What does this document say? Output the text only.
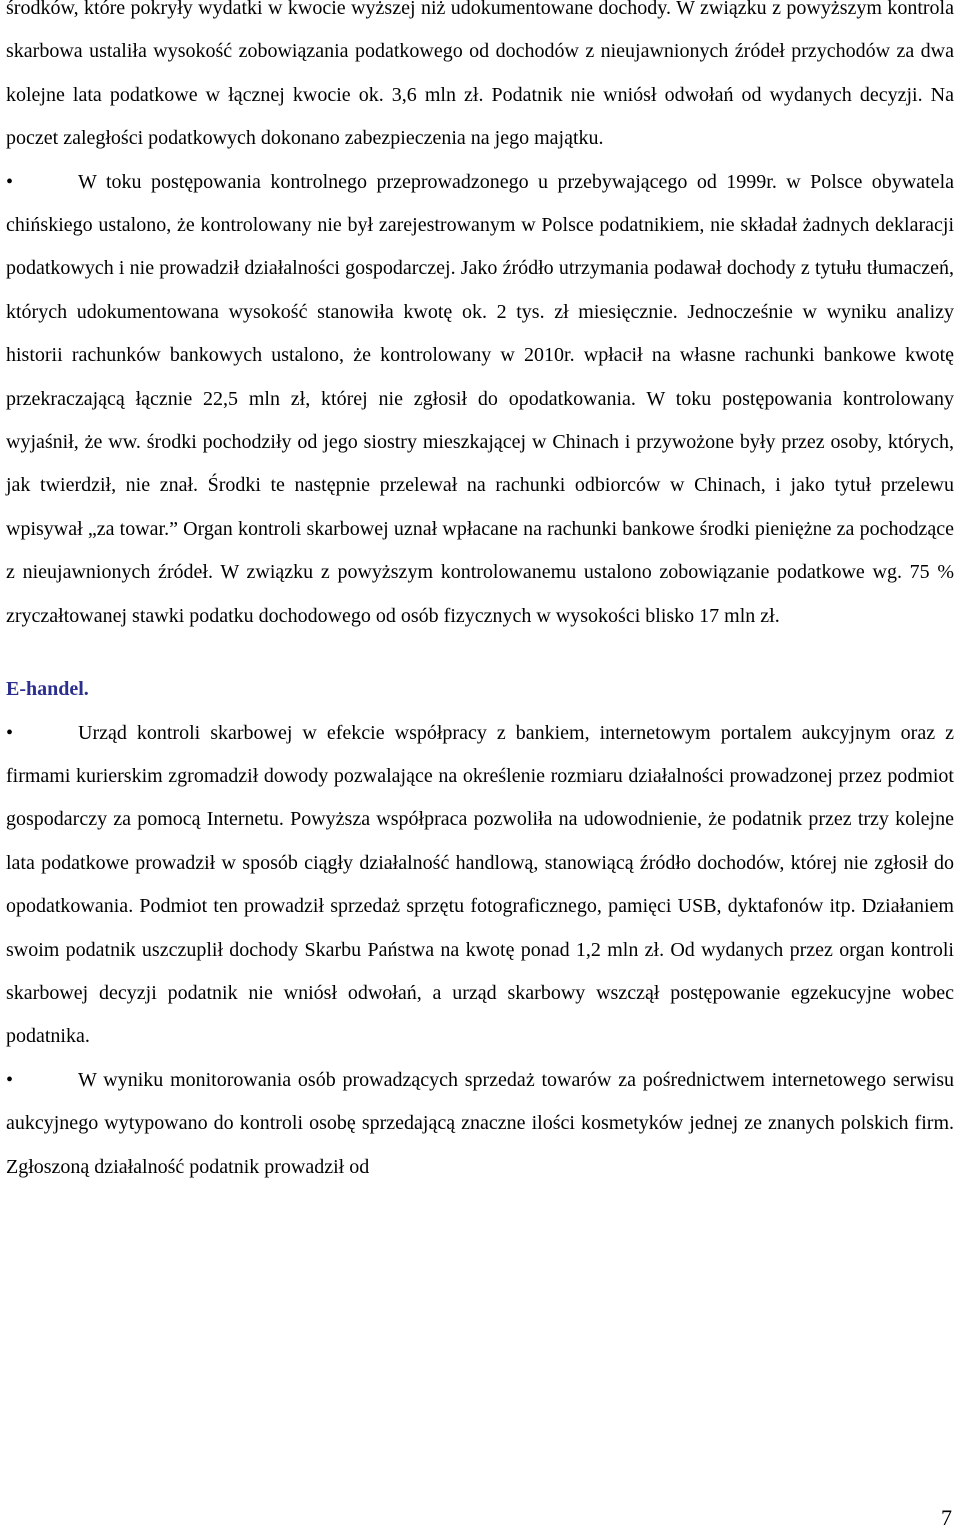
środków, które pokryły wydatki w kwocie wyższej niż udokumentowane dochody. W związku z powyższym kontrola skarbowa ustaliła wysokość zobowiązania podatkowego od dochodów z nieujawnionych źródeł przychodów za dwa kolejne lata podatkowe w łącznej kwocie ok. 3,6 mln zł. Podatnik nie wniósł odwołań od wydanych decyzji. Na poczet zaległości podatkowych dokonano zabezpieczenia na jego majątku.

•	W toku postępowania kontrolnego przeprowadzonego u przebywającego od 1999r. w Polsce obywatela chińskiego ustalono, że kontrolowany nie był zarejestrowanym w Polsce podatnikiem, nie składał żadnych deklaracji podatkowych i nie prowadził działalności gospodarczej. Jako źródło utrzymania podawał dochody z tytułu tłumaczeń, których udokumentowana wysokość stanowiła kwotę ok. 2 tys. zł miesięcznie. Jednocześnie w wyniku analizy historii rachunków bankowych ustalono, że kontrolowany w 2010r. wpłacił na własne rachunki bankowe kwotę przekraczającą łącznie 22,5 mln zł, której nie zgłosił do opodatkowania. W toku postępowania kontrolowany wyjaśnił, że ww. środki pochodziły od jego siostry mieszkającej w Chinach i przywożone były przez osoby, których, jak twierdził, nie znał. Środki te następnie przelewał na rachunki odbiorców w Chinach, i jako tytuł przelewu wpisywał „za towar.” Organ kontroli skarbowej uznał wpłacane na rachunki bankowe środki pieniężne za pochodzące z nieujawnionych źródeł. W związku z powyższym kontrolowanemu ustalono zobowiązanie podatkowe wg. 75 % zryczałtowanej stawki podatku dochodowego od osób fizycznych w wysokości blisko 17 mln zł.

E-handel.

•	Urząd kontroli skarbowej w efekcie współpracy z bankiem, internetowym portalem aukcyjnym oraz z firmami kurierskim zgromadził dowody pozwalające na określenie rozmiaru działalności prowadzonej przez podmiot gospodarczy za pomocą Internetu. Powyższa współpraca pozwoliła na udowodnienie, że podatnik przez trzy kolejne lata podatkowe prowadził w sposób ciągły działalność handlową, stanowiącą źródło dochodów, której nie zgłosił do opodatkowania. Podmiot ten prowadził sprzedaż sprzętu fotograficznego, pamięci USB, dyktafonów itp. Działaniem swoim podatnik uszczuplił dochody Skarbu Państwa na kwotę ponad 1,2 mln zł. Od wydanych przez organ kontroli skarbowej decyzji podatnik nie wniósł odwołań, a urząd skarbowy wszczął postępowanie egzekucyjne wobec podatnika.

•	W wyniku monitorowania osób prowadzących sprzedaż towarów za pośrednictwem internetowego serwisu aukcyjnego wytypowano do kontroli osobę sprzedającą znaczne ilości kosmetyków jednej ze znanych polskich firm. Zgłoszoną działalność podatnik prowadził od

7
